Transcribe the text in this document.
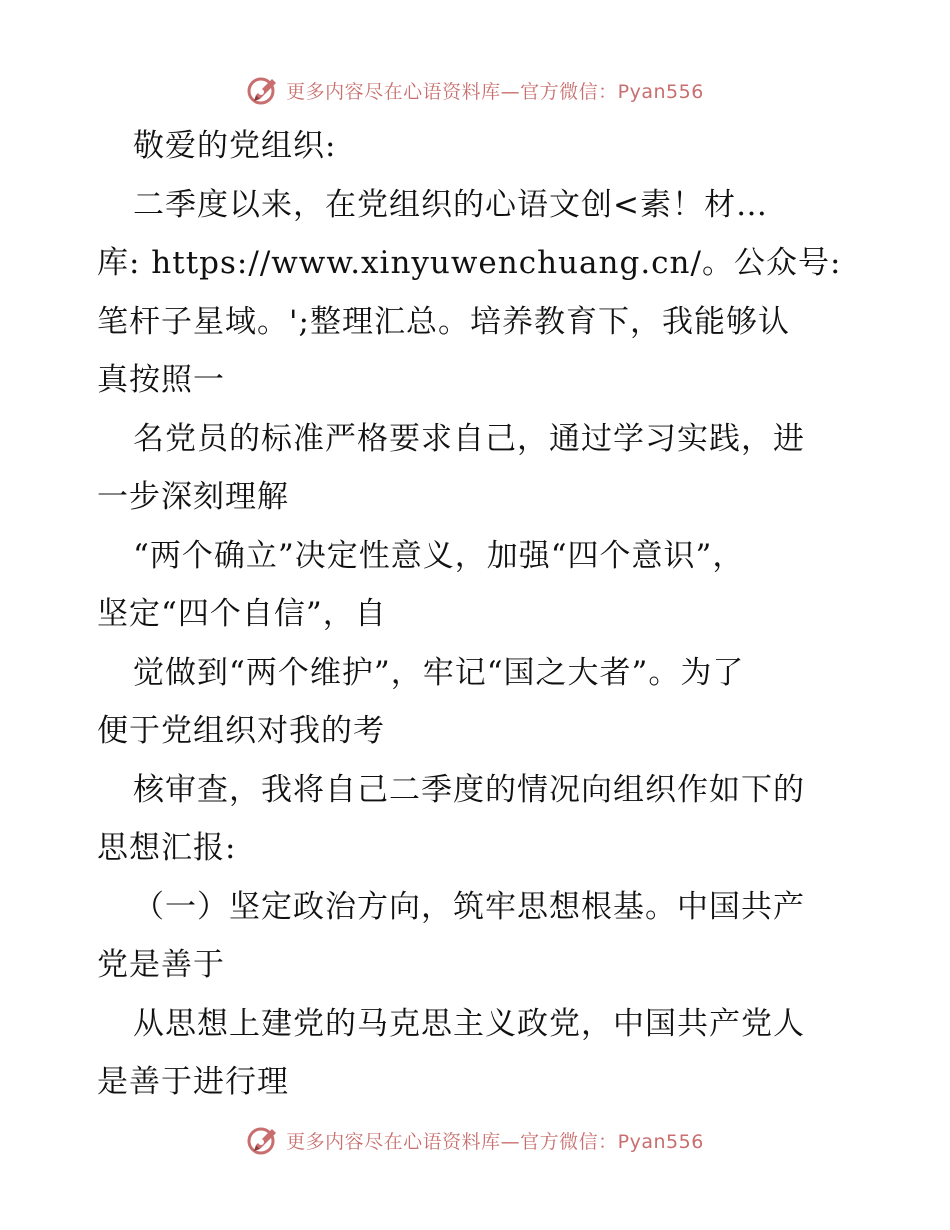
更多内容尽在心语资料库—官方微信：Pyan556
敬爱的党组织:
二季度以来，在党组织的心语文创<素！材…
库: https://www.xinyuwenchuang.cn/。公众号:
笔杆子星域。';整理汇总。培养教育下，我能够认
真按照一
名党员的标准严格要求自己，通过学习实践，进
一步深刻理解
“两个确立”决定性意义，加强“四个意识”，
坚定“四个自信”，自
觉做到“两个维护”，牢记“国之大者”。为了
便于党组织对我的考
核审查，我将自己二季度的情况向组织作如下的
思想汇报:
（一）坚定政治方向，筑牢思想根基。中国共产
党是善于
从思想上建党的马克思主义政党，中国共产党人
是善于进行理
更多内容尽在心语资料库—官方微信：Pyan556
